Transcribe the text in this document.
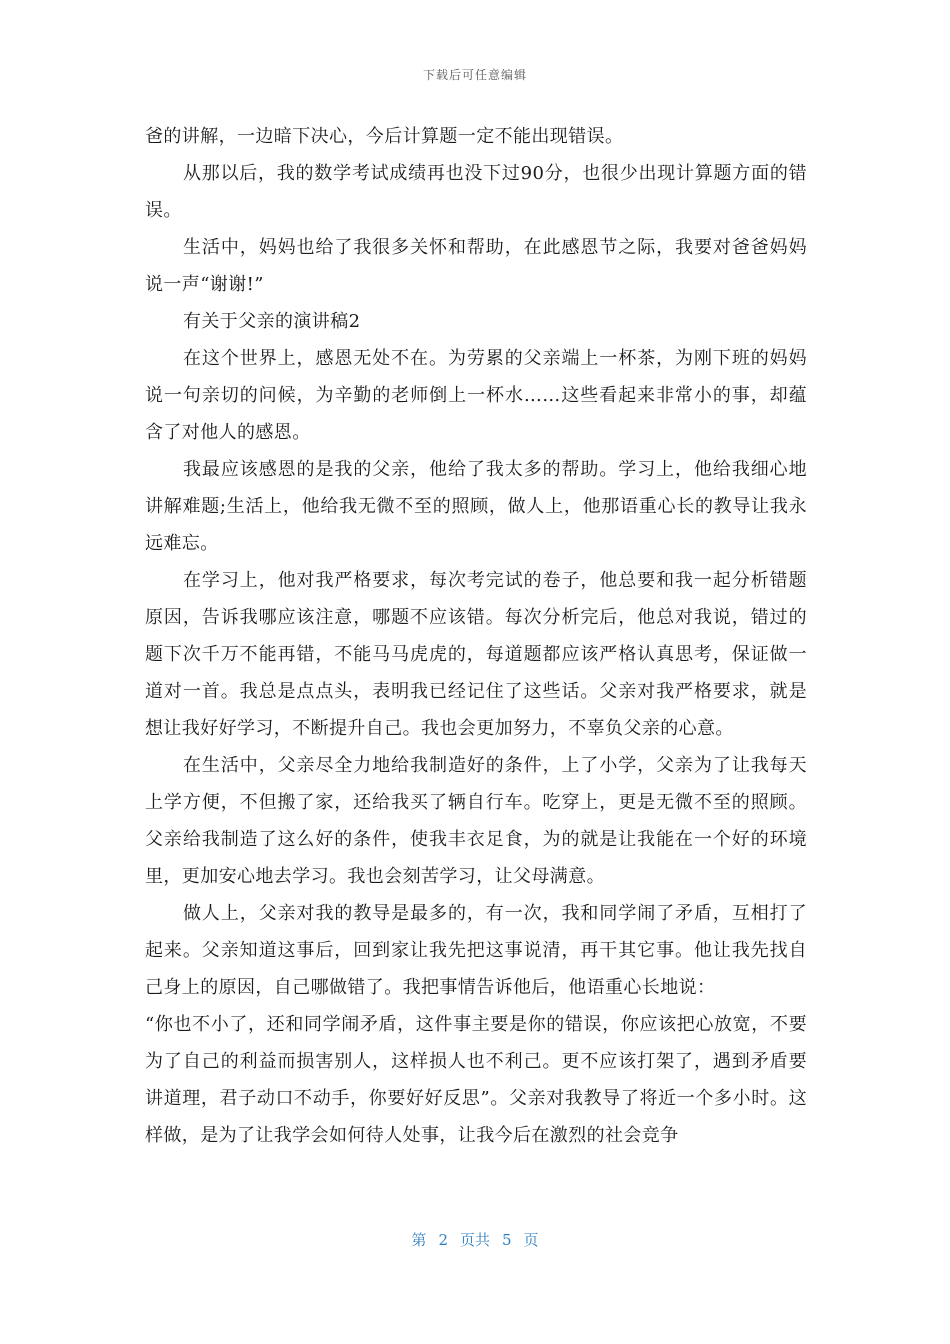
下载后可任意编辑

爸的讲解，一边暗下决心，今后计算题一定不能出现错误。

从那以后，我的数学考试成绩再也没下过90分，也很少出现计算题方面的错误。

生活中，妈妈也给了我很多关怀和帮助，在此感恩节之际，我要对爸爸妈妈说一声“谢谢!”

有关于父亲的演讲稿2

在这个世界上，感恩无处不在。为劳累的父亲端上一杯茶，为刚下班的妈妈说一句亲切的问候，为辛勤的老师倒上一杯水……这些看起来非常小的事，却蕴含了对他人的感恩。

我最应该感恩的是我的父亲，他给了我太多的帮助。学习上，他给我细心地讲解难题;生活上，他给我无微不至的照顾，做人上，他那语重心长的教导让我永远难忘。

在学习上，他对我严格要求，每次考完试的卷子，他总要和我一起分析错题原因，告诉我哪应该注意，哪题不应该错。每次分析完后，他总对我说，错过的题下次千万不能再错，不能马马虎虎的，每道题都应该严格认真思考，保证做一道对一首。我总是点点头，表明我已经记住了这些话。父亲对我严格要求，就是想让我好好学习，不断提升自己。我也会更加努力，不辜负父亲的心意。

在生活中，父亲尽全力地给我制造好的条件，上了小学，父亲为了让我每天上学方便，不但搬了家，还给我买了辆自行车。吃穿上，更是无微不至的照顾。父亲给我制造了这么好的条件，使我丰衣足食，为的就是让我能在一个好的环境里，更加安心地去学习。我也会刻苦学习，让父母满意。

做人上，父亲对我的教导是最多的，有一次，我和同学闹了矛盾，互相打了起来。父亲知道这事后，回到家让我先把这事说清，再干其它事。他让我先找自己身上的原因，自己哪做错了。我把事情告诉他后，他语重心长地说：

“你也不小了，还和同学闹矛盾，这件事主要是你的错误，你应该把心放宽，不要为了自己的利益而损害别人，这样损人也不利己。更不应该打架了，遇到矛盾要讲道理，君子动口不动手，你要好好反思”。父亲对我教导了将近一个多小时。这样做，是为了让我学会如何待人处事，让我今后在激烈的社会竞争

第 2 页共 5 页
